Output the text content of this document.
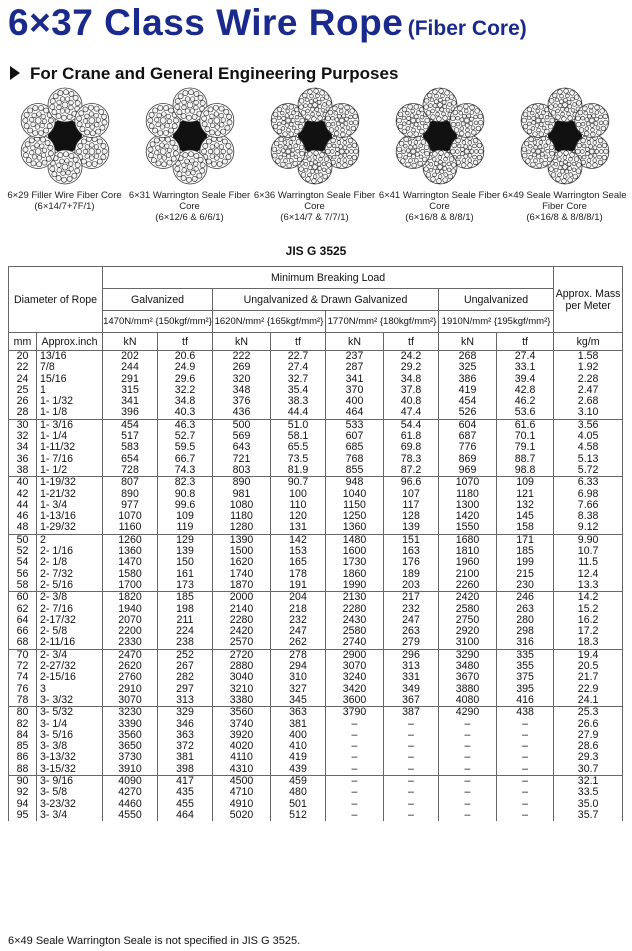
6×37 Class Wire Rope (Fiber Core)
For Crane and General Engineering Purposes
6×29 Filler Wire Fiber Core
(6×14/7+7F/1)
6×31 Warrington Seale Fiber Core
(6×12/6 & 6/6/1)
6×36 Warrington Seale Fiber Core
(6×14/7 & 7/7/1)
6×41 Warrington Seale Fiber Core
(6×16/8 & 8/8/1)
6×49 Seale Warrington Seale Fiber Core
(6×16/8 & 8/8/8/1)
JIS G 3525
Diameter of Rope		Minimum Breaking Load								Approx. Mass per Meter
		Galvanized		Ungalvanized & Drawn Galvanized				Ungalvanized		
		1470N/mm² {150kgf/mm²}		1620N/mm² {165kgf/mm²}		1770N/mm² {180kgf/mm²}		1910N/mm² {195kgf/mm²}		
mm	Approx.inch	kN	tf	kN	tf	kN	tf	kN	tf	kg/m
20	13/16	202	20.6	222	22.7	237	24.2	268	27.4	1.58
22	7/8	244	24.9	269	27.4	287	29.2	325	33.1	1.92
24	15/16	291	29.6	320	32.7	341	34.8	386	39.4	2.28
25	1	315	32.2	348	35.4	370	37.8	419	42.8	2.47
26	1- 1/32	341	34.8	376	38.3	400	40.8	454	46.2	2.68
28	1- 1/8	396	40.3	436	44.4	464	47.4	526	53.6	3.10
30	1- 3/16	454	46.3	500	51.0	533	54.4	604	61.6	3.56
32	1- 1/4	517	52.7	569	58.1	607	61.8	687	70.1	4.05
34	1-11/32	583	59.5	643	65.5	685	69.8	776	79.1	4.58
36	1- 7/16	654	66.7	721	73.5	768	78.3	869	88.7	5.13
38	1- 1/2	728	74.3	803	81.9	855	87.2	969	98.8	5.72
40	1-19/32	807	82.3	890	90.7	948	96.6	1070	109	6.33
42	1-21/32	890	90.8	981	100	1040	107	1180	121	6.98
44	1- 3/4	977	99.6	1080	110	1150	117	1300	132	7.66
46	1-13/16	1070	109	1180	120	1250	128	1420	145	8.38
48	1-29/32	1160	119	1280	131	1360	139	1550	158	9.12
50	2	1260	129	1390	142	1480	151	1680	171	9.90
52	2- 1/16	1360	139	1500	153	1600	163	1810	185	10.7
54	2- 1/8	1470	150	1620	165	1730	176	1960	199	11.5
56	2- 7/32	1580	161	1740	178	1860	189	2100	215	12.4
58	2- 5/16	1700	173	1870	191	1990	203	2260	230	13.3
60	2- 3/8	1820	185	2000	204	2130	217	2420	246	14.2
62	2- 7/16	1940	198	2140	218	2280	232	2580	263	15.2
64	2-17/32	2070	211	2280	232	2430	247	2750	280	16.2
66	2- 5/8	2200	224	2420	247	2580	263	2920	298	17.2
68	2-11/16	2330	238	2570	262	2740	279	3100	316	18.3
70	2- 3/4	2470	252	2720	278	2900	296	3290	335	19.4
72	2-27/32	2620	267	2880	294	3070	313	3480	355	20.5
74	2-15/16	2760	282	3040	310	3240	331	3670	375	21.7
76	3	2910	297	3210	327	3420	349	3880	395	22.9
78	3- 3/32	3070	313	3380	345	3600	367	4080	416	24.1
80	3- 5/32	3230	329	3560	363	3790	387	4290	438	25.3
82	3- 1/4	3390	346	3740	381	–	–	–	–	26.6
84	3- 5/16	3560	363	3920	400	–	–	–	–	27.9
85	3- 3/8	3650	372	4020	410	–	–	–	–	28.6
86	3-13/32	3730	381	4110	419	–	–	–	–	29.3
88	3-15/32	3910	398	4310	439	–	–	–	–	30.7
90	3- 9/16	4090	417	4500	459	–	–	–	–	32.1
92	3- 5/8	4270	435	4710	480	–	–	–	–	33.5
94	3-23/32	4460	455	4910	501	–	–	–	–	35.0
95	3- 3/4	4550	464	5020	512	–	–	–	–	35.7
6×49 Seale Warrington Seale is not specified in JIS G 3525.
